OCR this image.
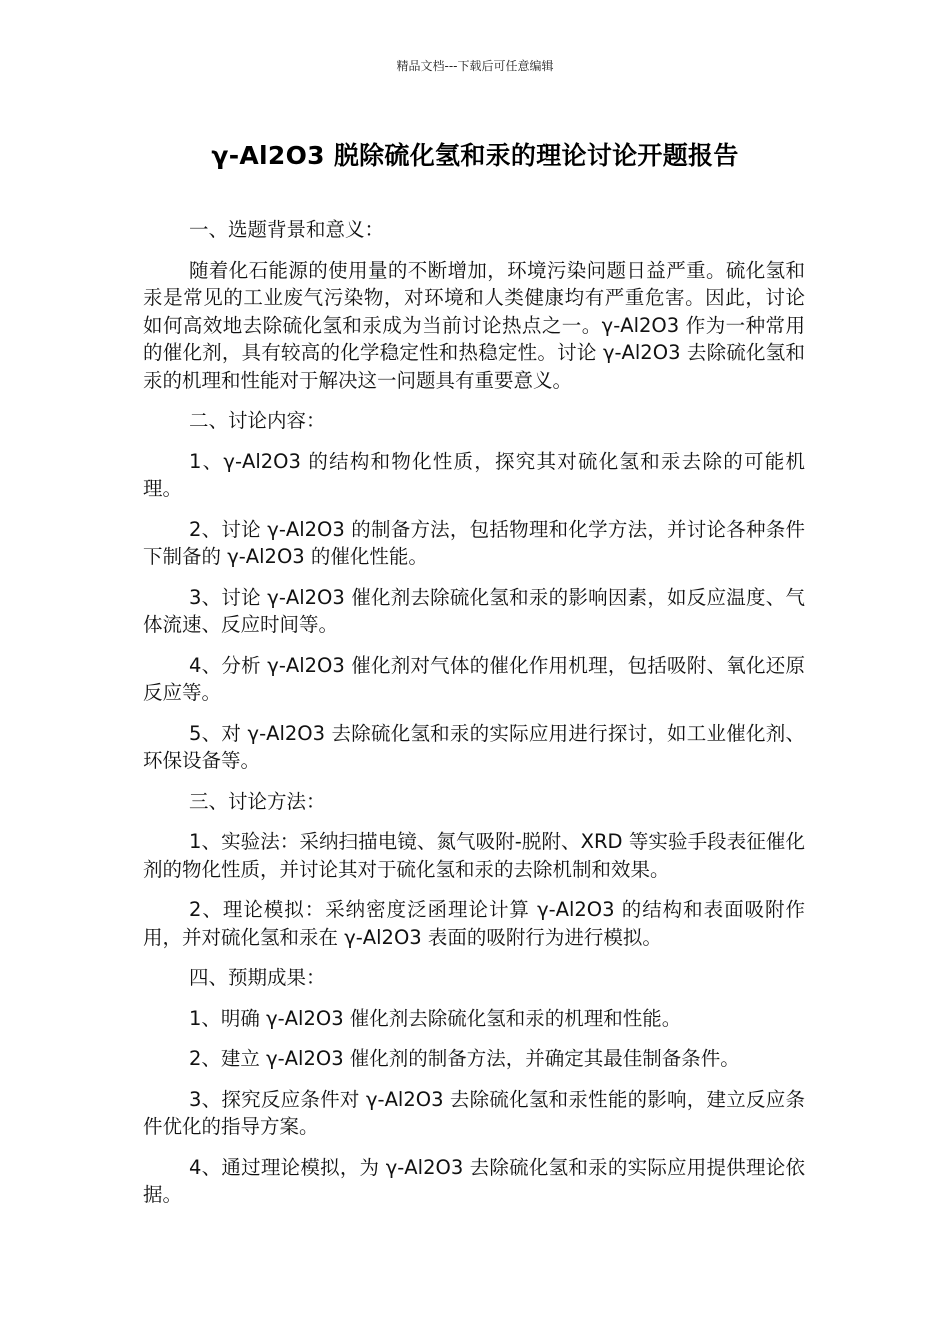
精品文档---下载后可任意编辑
γ-Al2O3 脱除硫化氢和汞的理论讨论开题报告

一、选题背景和意义：

随着化石能源的使用量的不断增加，环境污染问题日益严重。硫化氢和汞是常见的工业废气污染物，对环境和人类健康均有严重危害。因此，讨论如何高效地去除硫化氢和汞成为当前讨论热点之一。γ-Al2O3 作为一种常用的催化剂，具有较高的化学稳定性和热稳定性。讨论 γ-Al2O3 去除硫化氢和汞的机理和性能对于解决这一问题具有重要意义。

二、讨论内容：

1、γ-Al2O3 的结构和物化性质，探究其对硫化氢和汞去除的可能机理。

2、讨论 γ-Al2O3 的制备方法，包括物理和化学方法，并讨论各种条件下制备的 γ-Al2O3 的催化性能。

3、讨论 γ-Al2O3 催化剂去除硫化氢和汞的影响因素，如反应温度、气体流速、反应时间等。

4、分析 γ-Al2O3 催化剂对气体的催化作用机理，包括吸附、氧化还原反应等。

5、对 γ-Al2O3 去除硫化氢和汞的实际应用进行探讨，如工业催化剂、环保设备等。

三、讨论方法：

1、实验法：采纳扫描电镜、氮气吸附-脱附、XRD 等实验手段表征催化剂的物化性质，并讨论其对于硫化氢和汞的去除机制和效果。

2、理论模拟：采纳密度泛函理论计算 γ-Al2O3 的结构和表面吸附作用，并对硫化氢和汞在 γ-Al2O3 表面的吸附行为进行模拟。

四、预期成果：

1、明确 γ-Al2O3 催化剂去除硫化氢和汞的机理和性能。

2、建立 γ-Al2O3 催化剂的制备方法，并确定其最佳制备条件。

3、探究反应条件对 γ-Al2O3 去除硫化氢和汞性能的影响，建立反应条件优化的指导方案。

4、通过理论模拟，为 γ-Al2O3 去除硫化氢和汞的实际应用提供理论依据。
